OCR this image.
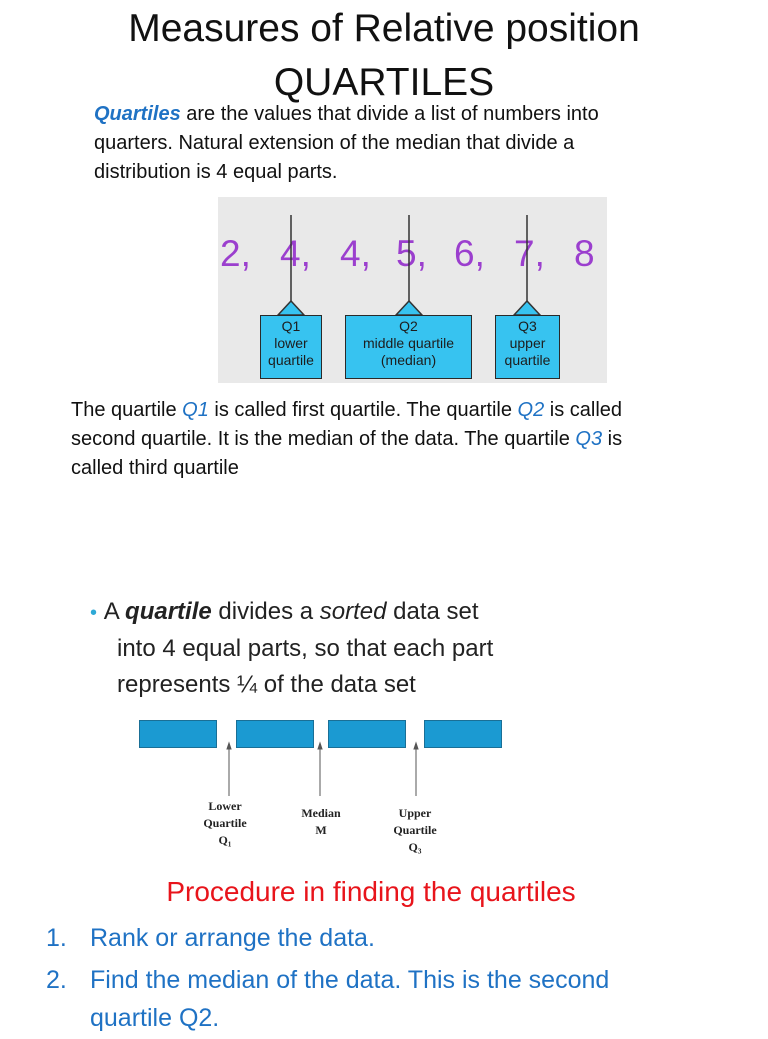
Measures of Relative position
QUARTILES
Quartiles are the values that divide a list of numbers into
quarters. Natural extension of the median that divide a
distribution is 4 equal parts.
2, 4, 4, 5, 6, 7, 8
Q1
lower
quartile
Q2
middle quartile
(median)
Q3
upper
quartile
The quartile Q1 is called first quartile. The quartile Q2 is called
second quartile. It is the median of the data. The quartile Q3 is
called third quartile
• A quartile divides a sorted data set
into 4 equal parts, so that each part
represents ¼ of the data set
Lower
Quartile
Q₁
Median
M
Upper
Quartile
Q₃
Procedure in finding the quartiles
1. Rank or arrange the data.
2. Find the median of the data. This is the second
quartile Q2.
